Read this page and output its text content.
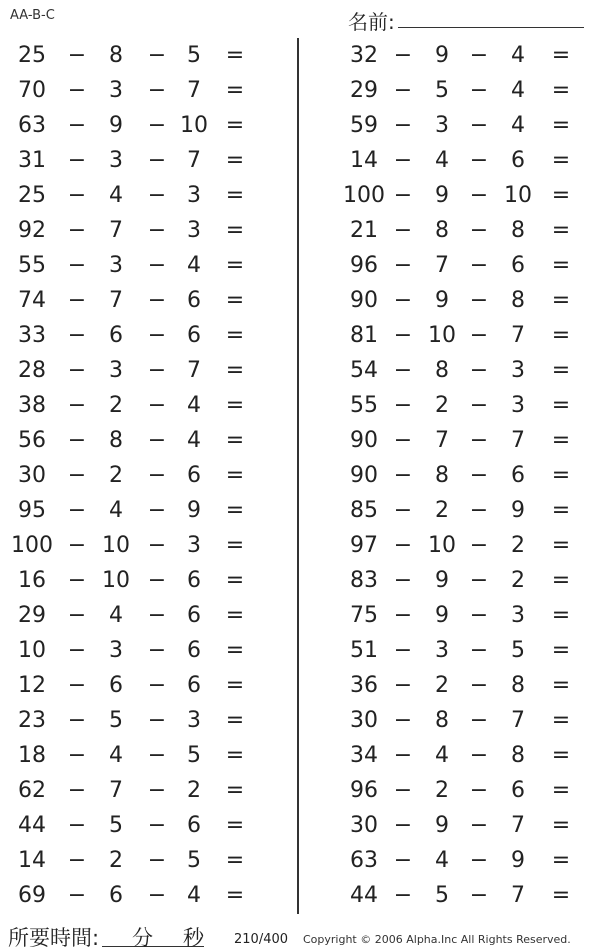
AA-B-C	名前:
25 −	8	− 5	=
70 −	3	− 7	=
63 −	9	− 10 =
31 −	3	− 7	=
25 −	4	− 3	=
92 −	7	− 3	=
55 −	3	− 4	=
74 −	7	− 6	=
33 −	6	− 6	=
28 −	3	− 7	=
38 −	2	− 4	=
56 −	8	− 4	=
30 −	2	− 6	=
95 −	4	− 9	=
100 − 10 − 3	=
16 − 10 − 6	=
29 −	4	− 6	=
10 −	3	− 6	=
12 −	6	− 6	=
23 −	5	− 3	=
18 −	4	− 5	=
62 −	7	− 2	=
44 −	5	− 6	=
14 −	2	− 5	=
69 −	6	− 4	=
32 −	9 −	4	=
29 −	5 −	4	=
59 −	3 −	4	=
14 −	4 −	6	=
100 −	9 − 10 =
21 −	8 −	8	=
96 −	7 −	6	=
90 −	9 −	8	=
81 − 10 −	7	=
54 −	8 −	3	=
55 −	2 −	3	=
90 −	7 −	7	=
90 −	8 −	6	=
85 −	2 −	9	=
97 − 10 −	2	=
83 −	9 −	2	=
75 −	9 −	3	=
51 −	3 −	5	=
36 −	2 −	8	=
30 −	8 −	7	=
34 −	4 −	8	=
96 −	2 −	6	=
30 −	9 −	7	=
63 −	4 −	9	=
44 −	5 −	7	=
所要時間: 分 秒 210/400 Copyright © 2006 Alpha.Inc All Rights Reserved.
